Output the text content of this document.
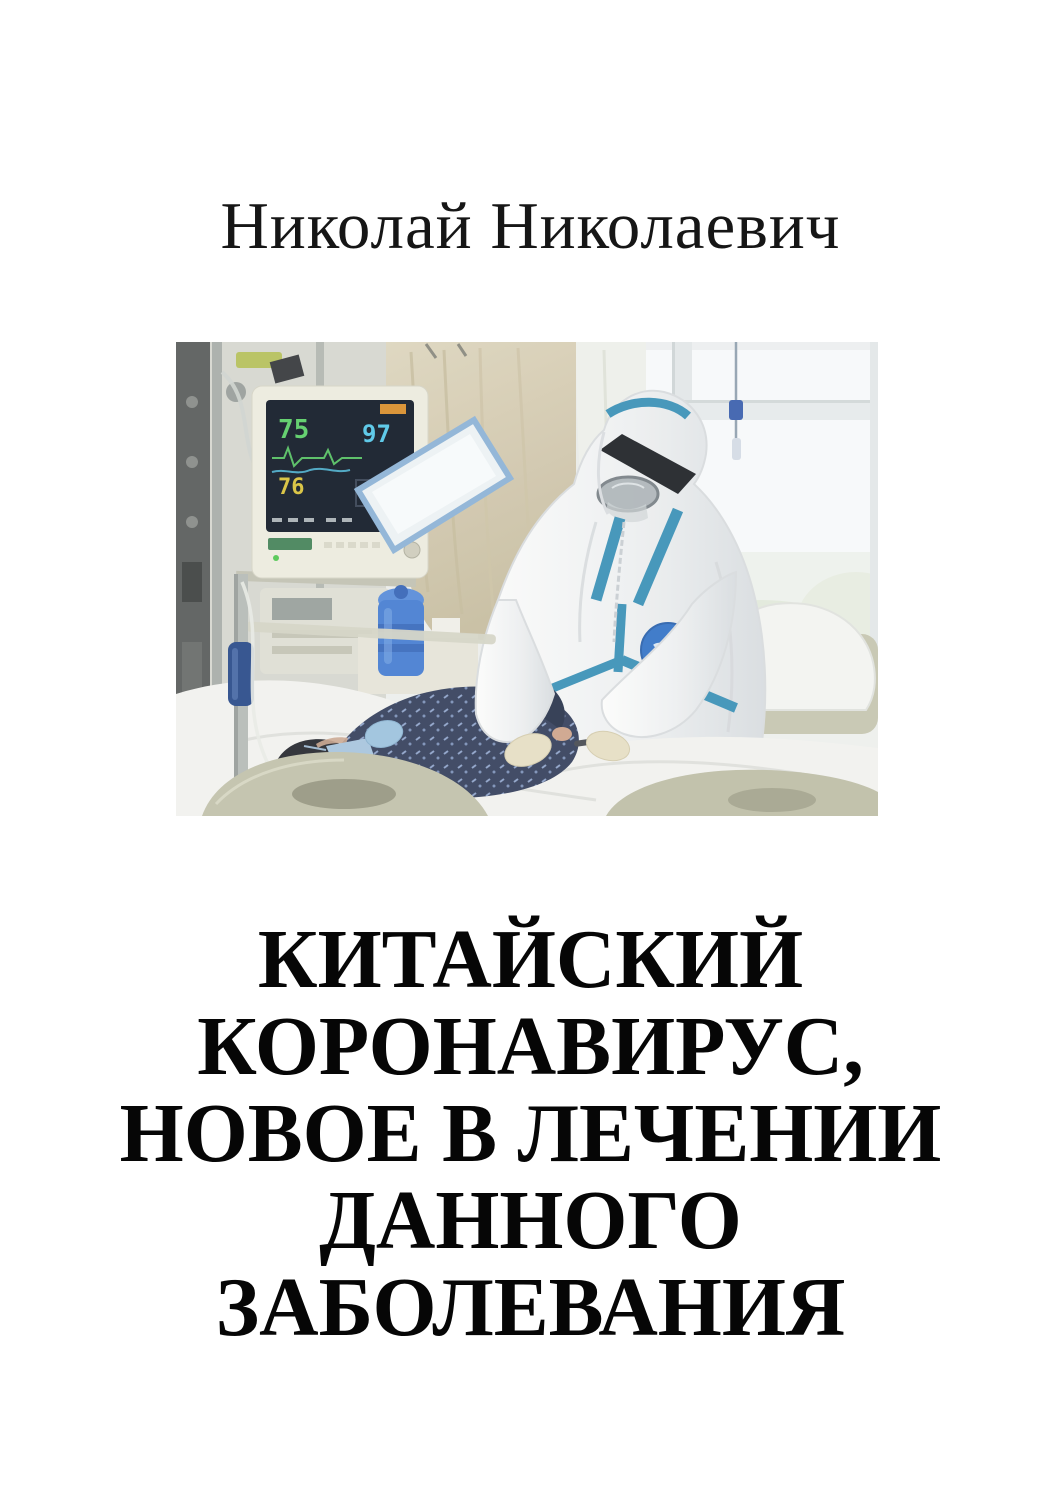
Николай Николаевич
75 97
76
КИТАЙСКИЙ
КОРОНАВИРУС,
НОВОЕ В ЛЕЧЕНИИ
ДАННОГО
ЗАБОЛЕВАНИЯ
